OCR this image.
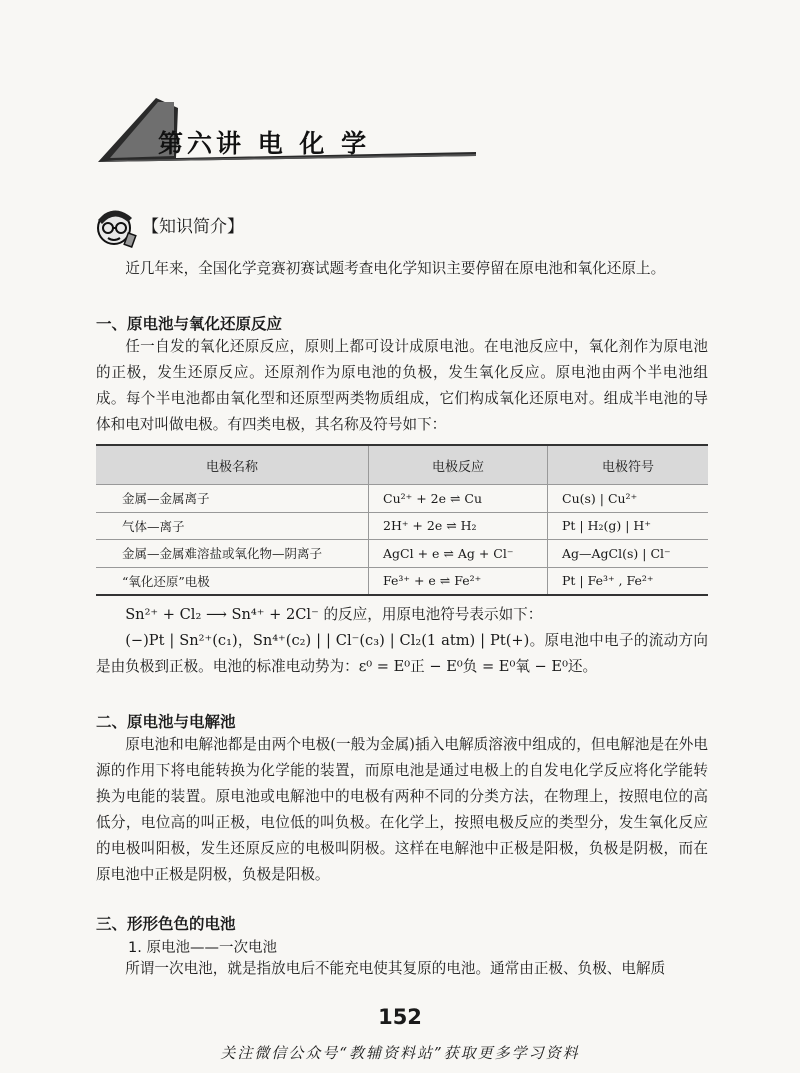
第六讲 电 化 学
【知识简介】
近几年来，全国化学竞赛初赛试题考查电化学知识主要停留在原电池和氧化还原上。
一、原电池与氧化还原反应
任一自发的氧化还原反应，原则上都可设计成原电池。在电池反应中，氧化剂作为原电池的正极，发生还原反应。还原剂作为原电池的负极，发生氧化反应。原电池由两个半电池组成。每个半电池都由氧化型和还原型两类物质组成，它们构成氧化还原电对。组成半电池的导体和电对叫做电极。有四类电极，其名称及符号如下：
电极名称	电极反应	电极符号
金属—金属离子	Cu²⁺ + 2e ⇌ Cu	Cu(s) | Cu²⁺
气体—离子	2H⁺ + 2e ⇌ H₂	Pt | H₂(g) | H⁺
金属—金属难溶盐或氧化物—阴离子	AgCl + e ⇌ Ag + Cl⁻	Ag—AgCl(s) | Cl⁻
“氧化还原”电极	Fe³⁺ + e ⇌ Fe²⁺	Pt | Fe³⁺ , Fe²⁺
Sn²⁺ + Cl₂ ⟶ Sn⁴⁺ + 2Cl⁻ 的反应，用原电池符号表示如下：
(−)Pt | Sn²⁺(c₁)，Sn⁴⁺(c₂) | | Cl⁻(c₃) | Cl₂(1 atm) | Pt(+)。原电池中电子的流动方向是由负极到正极。电池的标准电动势为：ε⁰ = E⁰正 − E⁰负 = E⁰氧 − E⁰还。
二、原电池与电解池
原电池和电解池都是由两个电极(一般为金属)插入电解质溶液中组成的，但电解池是在外电源的作用下将电能转换为化学能的装置，而原电池是通过电极上的自发电化学反应将化学能转换为电能的装置。原电池或电解池中的电极有两种不同的分类方法，在物理上，按照电位的高低分，电位高的叫正极，电位低的叫负极。在化学上，按照电极反应的类型分，发生氧化反应的电极叫阳极，发生还原反应的电极叫阴极。这样在电解池中正极是阳极，负极是阴极，而在原电池中正极是阴极，负极是阳极。
三、形形色色的电池
1. 原电池——一次电池
所谓一次电池，就是指放电后不能充电使其复原的电池。通常由正极、负极、电解质
152
关注微信公众号“教辅资料站”获取更多学习资料
